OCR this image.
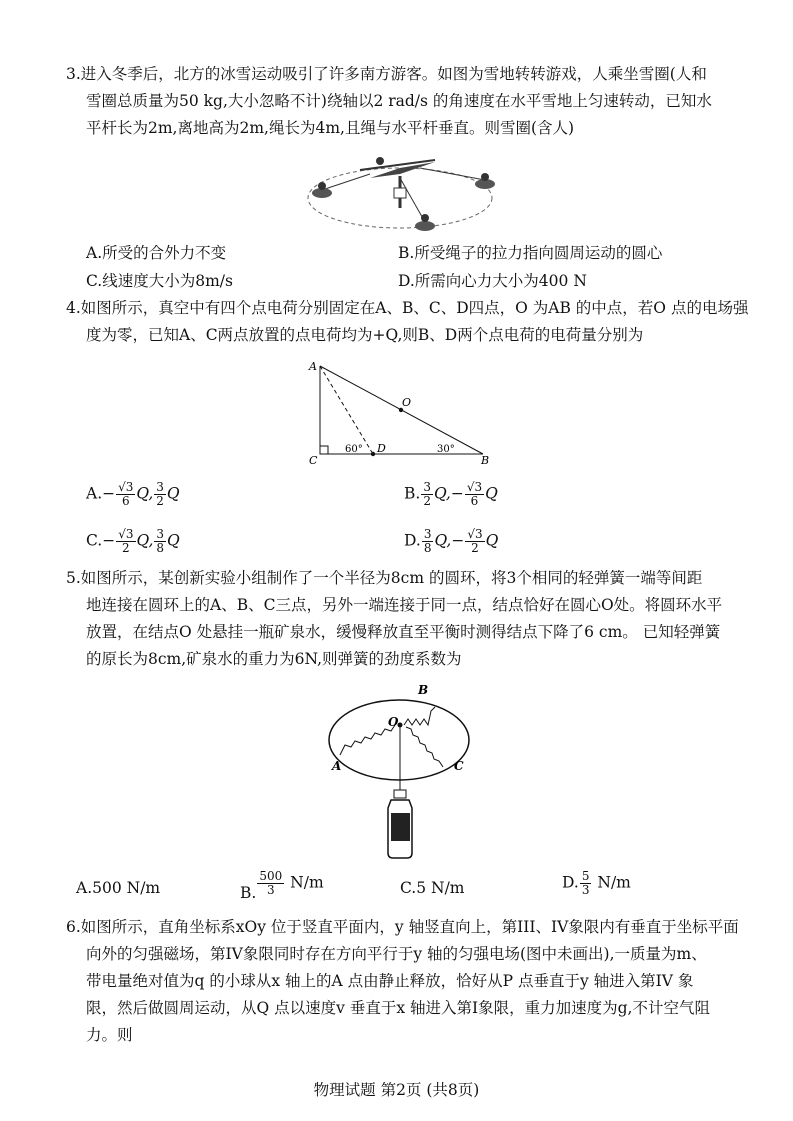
3.进入冬季后，北方的冰雪运动吸引了许多南方游客。如图为雪地转转游戏，人乘坐雪圈(人和
雪圈总质量为50 kg,大小忽略不计)绕轴以2 rad/s 的角速度在水平雪地上匀速转动，已知水
平杆长为2m,离地高为2m,绳长为4m,且绳与水平杆垂直。则雪圈(含人)
A.所受的合外力不变	B.所受绳子的拉力指向圆周运动的圆心
C.线速度大小为8m/s	D.所需向心力大小为400 N
4.如图所示，真空中有四个点电荷分别固定在A、B、C、D四点，O 为AB 的中点，若O 点的电场强
度为零，已知A、C两点放置的点电荷均为+Q,则B、D两个点电荷的电荷量分别为
A
B
C
D
O
60°	30°
$A.- \frac{√3}{6} Q$, $\frac{3}{2}$ Q	B. $\frac{3}{2} Q,- \frac{√3}{6}$ Q
$C.- \frac{√3}{2} Q$, $\frac{3}{8}$ Q	D. $\frac{3}{8} Q,- \frac{√3}{2}$ Q
5.如图所示，某创新实验小组制作了一个半径为8cm 的圆环，将3个相同的轻弹簧一端等间距
地连接在圆环上的A、B、C三点，另外一端连接于同一点，结点恰好在圆心O处。将圆环水平
放置，在结点O 处悬挂一瓶矿泉水，缓慢释放直至平衡时测得结点下降了6 cm。 已知轻弹簧
的原长为8cm,矿泉水的重力为6N,则弹簧的劲度系数为
B
O
A	C
A.500 N/m	B. $\frac{500}{3} N/m$	C.5 N/m	D. $\frac{5}{3} N/m$
6.如图所示，直角坐标系xOy 位于竖直平面内，y 轴竖直向上，第III、IV象限内有垂直于坐标平面
向外的匀强磁场，第IV象限同时存在方向平行于y 轴的匀强电场(图中未画出),一质量为m、
带电量绝对值为q 的小球从x 轴上的A 点由静止释放，恰好从P 点垂直于y 轴进入第IV 象
限，然后做圆周运动，从Q 点以速度v 垂直于x 轴进入第I象限，重力加速度为g,不计空气阻
力。则
物理试题 第2页 (共8页)
